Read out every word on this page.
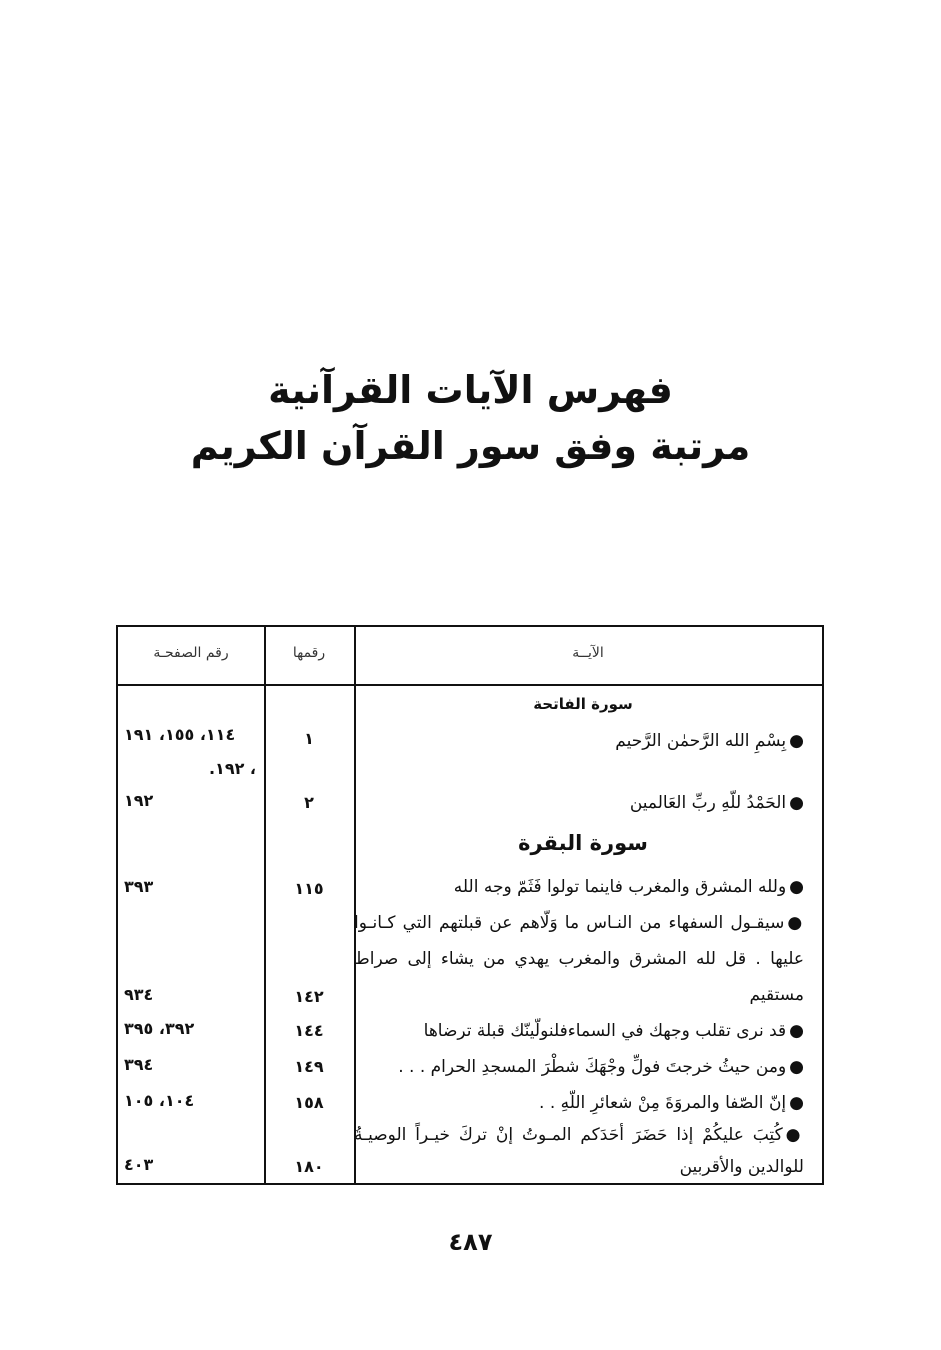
فهرس الآيات القرآنية
مرتبة وفق سور القرآن الكريم
الآيــة
رقمها
رقم الصفحـة
سورة الفاتحة
سورة البقرة
●بِسْمِ الله الرَّحمٰن الرَّحيم
١
١١٤، ١٥٥، ١٩١
، ١٩٢.
●الحَمْدُ للّهِ ربِّ العَالمين
٢
١٩٢
●ولله المشرق والمغرب فاينما تولوا فَثَمّ وجه الله
١١٥
٣٩٣
●سيقـول السفهاء من النـاس ما وَلّاهم عن قبلتهم التي كـانـوا
عليها . قل لله المشرق والمغرب يهدي من يشاء إلى صراط
مستقيم
١٤٢
٩٣٤
●قد نرى تقلب وجهك في السماءفلنولّينّك قبلة ترضاها
١٤٤
٣٩٢، ٣٩٥
●ومن حيثُ خرجتَ فولِّ وجْهَكَ شطْرَ المسجدِ الحرام . . .
١٤٩
٣٩٤
●إنّ الصّفا والمروَةَ مِنْ شعائرِ اللّهِ . .
١٥٨
١٠٤، ١٠٥
●كُتِبَ عليكُمْ إذا حَضَرَ أحَدَكم المـوتُ إنْ تركَ خيـراً الوصيـةُ
للوالدين والأقربين
١٨٠
٤٠٣
٤٨٧
